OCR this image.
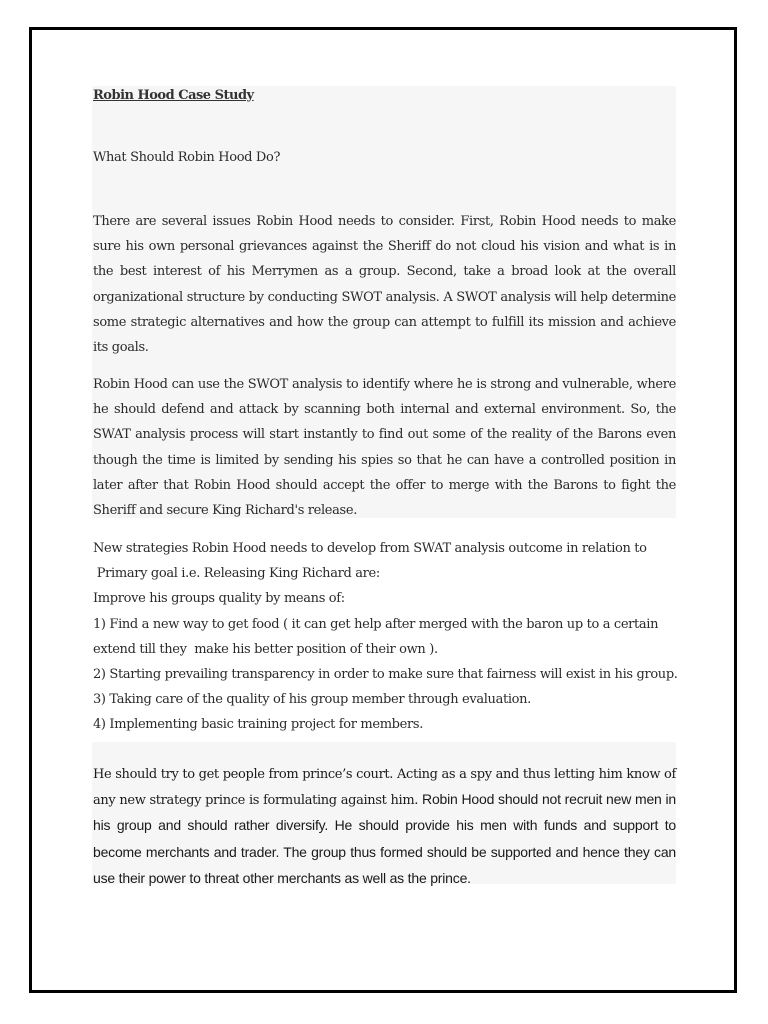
Robin Hood Case Study
What Should Robin Hood Do?

There are several issues Robin Hood needs to consider. First, Robin Hood needs to make sure his own personal grievances against the Sheriff do not cloud his vision and what is in the best interest of his Merrymen as a group. Second, take a broad look at the overall organizational structure by conducting SWOT analysis. A SWOT analysis will help determine some strategic alternatives and how the group can attempt to fulfill its mission and achieve its goals.

Robin Hood can use the SWOT analysis to identify where he is strong and vulnerable, where he should defend and attack by scanning both internal and external environment. So, the SWAT analysis process will start instantly to find out some of the reality of the Barons even though the time is limited by sending his spies so that he can have a controlled position in later after that Robin Hood should accept the offer to merge with the Barons to fight the Sheriff and secure King Richard's release.

New strategies Robin Hood needs to develop from SWAT analysis outcome in relation to
Primary goal i.e. Releasing King Richard are:
Improve his groups quality by means of:
1) Find a new way to get food ( it can get help after merged with the baron up to a certain
extend till they  make his better position of their own ).
2) Starting prevailing transparency in order to make sure that fairness will exist in his group.
3) Taking care of the quality of his group member through evaluation.
4) Implementing basic training project for members.

He should try to get people from prince’s court. Acting as a spy and thus letting him know of any new strategy prince is formulating against him. Robin Hood should not recruit new men in his group and should rather diversify. He should provide his men with funds and support to become merchants and trader. The group thus formed should be supported and hence they can use their power to threat other merchants as well as the prince.
